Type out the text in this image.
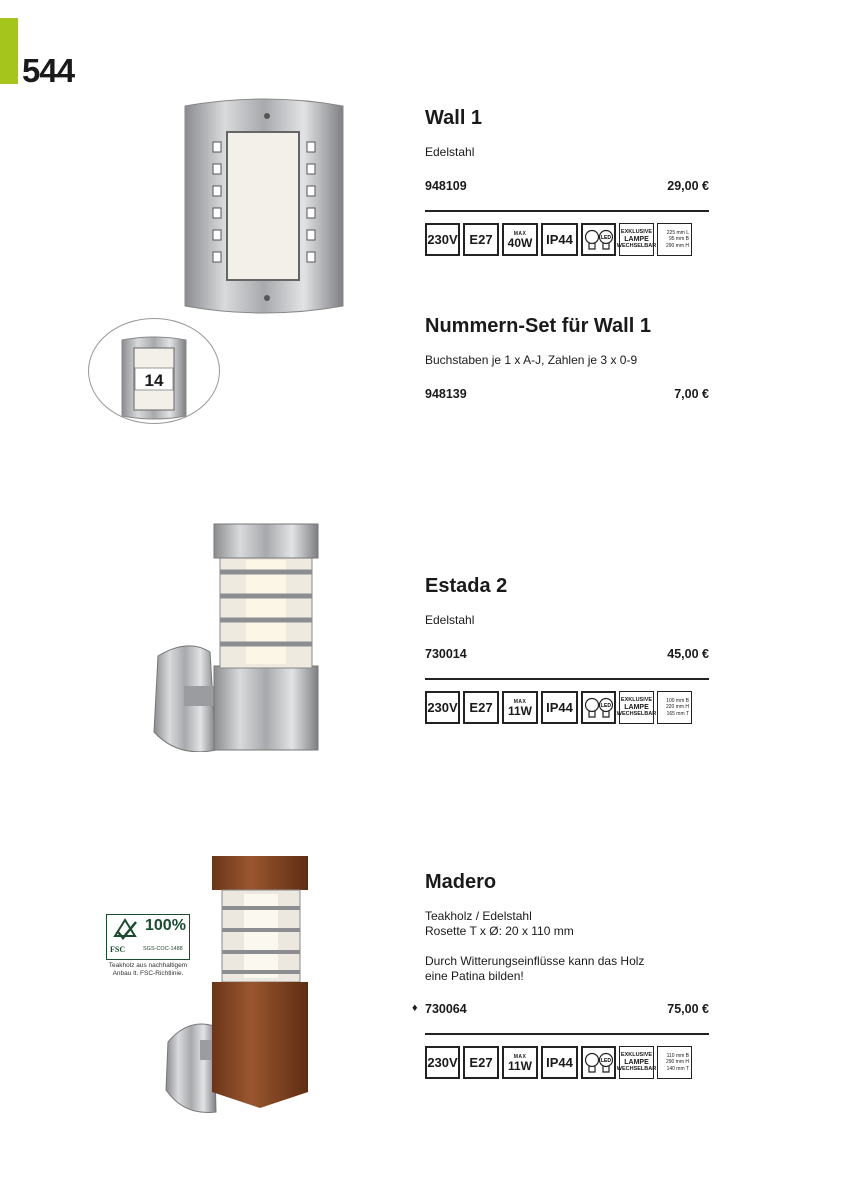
544
14
100%
FSC	SGS-COC-1488
Teakholz aus nachhaltigem Anbau lt. FSC-Richtlinie.
Wall 1
Edelstahl
948109	29,00 €
230V E27	MAX
40W	IP44	LED
EXKLUSIVE
LAMPE
WECHSELBAR
225 mm L
95 mm B
290 mm H
Nummern-Set für Wall 1
Buchstaben je 1 x A-J, Zahlen je 3 x 0-9
948139	7,00 €
Estada 2
Edelstahl
730014	45,00 €
230V E27	MAX
11W	IP44	LED
EXKLUSIVE
LAMPE
WECHSELBAR
100 mm B
220 mm H
165 mm T
Madero
Teakholz / Edelstahl
Rosette T x Ø: 20 x 110 mm

Durch Witterungseinflüsse kann das Holz
eine Patina bilden!
♦ 730064	75,00 €
230V E27	MAX
11W	IP44	LED
EXKLUSIVE
LAMPE
WECHSELBAR
110 mm B
290 mm H
140 mm T
